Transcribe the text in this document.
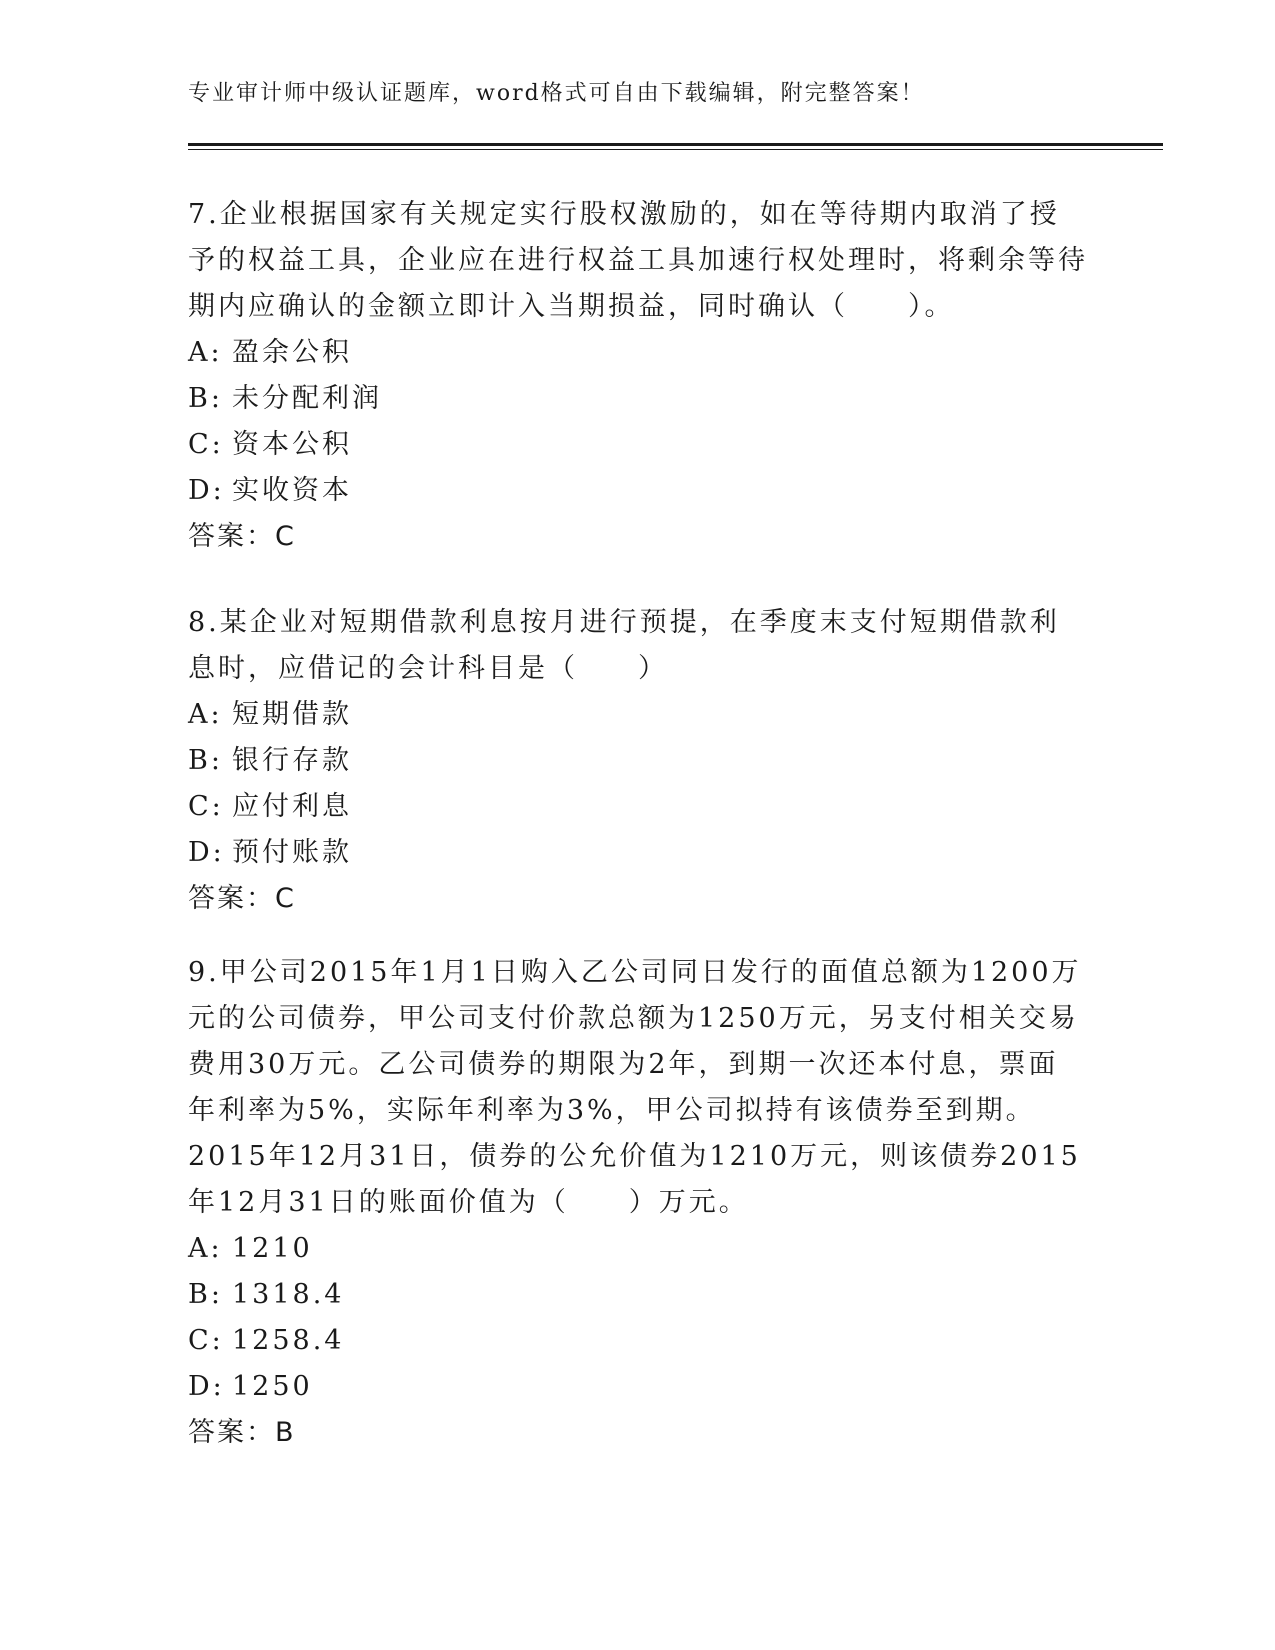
专业审计师中级认证题库，word格式可自由下载编辑，附完整答案！

7.企业根据国家有关规定实行股权激励的，如在等待期内取消了授予的权益工具，企业应在进行权益工具加速行权处理时，将剩余等待期内应确认的金额立即计入当期损益，同时确认（　　）。

A: 盈余公积
B: 未分配利润
C: 资本公积
D: 实收资本
答案：C

8.某企业对短期借款利息按月进行预提，在季度末支付短期借款利息时，应借记的会计科目是（　　）

A: 短期借款
B: 银行存款
C: 应付利息
D: 预付账款
答案：C

9.甲公司2015年1月1日购入乙公司同日发行的面值总额为1200万元的公司债券，甲公司支付价款总额为1250万元，另支付相关交易费用30万元。乙公司债券的期限为2年，到期一次还本付息，票面年利率为5%，实际年利率为3%，甲公司拟持有该债券至到期。2015年12月31日，债券的公允价值为1210万元，则该债券2015年12月31日的账面价值为（　　）万元。

A: 1210
B: 1318.4
C: 1258.4
D: 1250
答案：B
